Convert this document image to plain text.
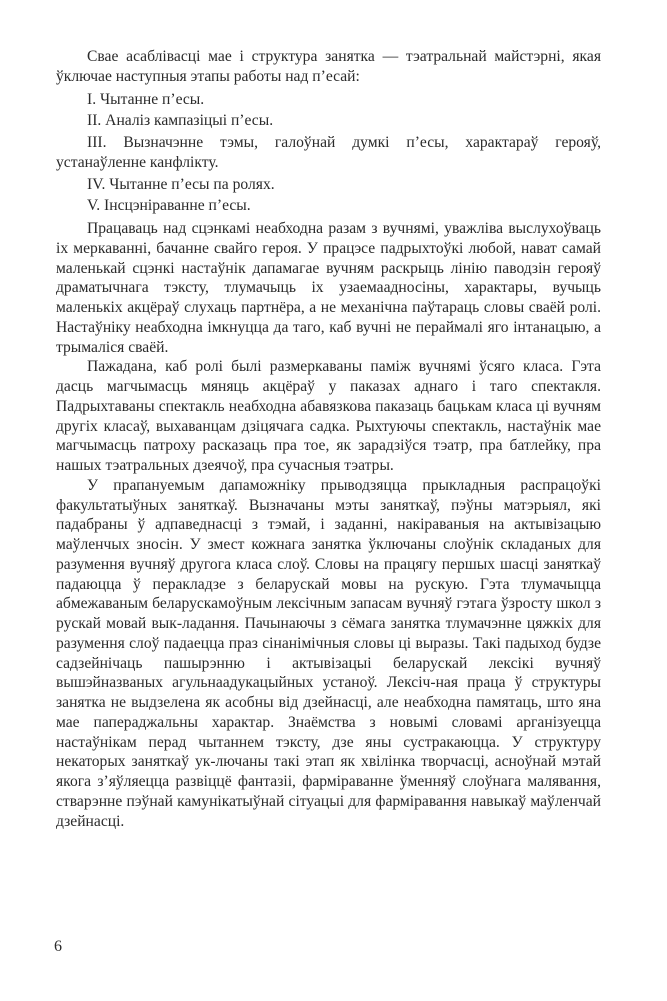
Свае асаблівасці мае і структура занятка — тэатральнай майстэрні, якая ўключае наступныя этапы работы над п’есай:

I. Чытанне п’есы.
II. Аналіз кампазіцыі п’есы.
III. Вызначэнне тэмы, галоўнай думкі п’есы, характараў герояў, устанаўленне канфлікту.
IV. Чытанне п’есы па ролях.
V. Інсцэніраванне п’есы.

Працаваць над сцэнкамі неабходна разам з вучнямі, уважліва выслухоўваць іх меркаванні, бачанне свайго героя. У працэсе падрыхтоўкі любой, нават самай маленькай сцэнкі настаўнік дапамагае вучням раскрыць лінію паводзін герояў драматычнага тэксту, тлумачыць іх узаемаадносіны, характары, вучыць маленькіх акцёраў слухаць партнёра, а не механічна паўтараць словы сваёй ролі. Настаўніку неабходна імкнуцца да таго, каб вучні не пераймалі яго інтанацыю, а трымаліся сваёй.

Пажадана, каб ролі былі размеркаваны паміж вучнямі ўсяго класа. Гэта дасць магчымасць мяняць акцёраў у паказах аднаго і таго спектакля. Падрыхтаваны спектакль неабходна абавязкова паказаць бацькам класа ці вучням другіх класаў, выхаванцам дзіцячага садка. Рыхтуючы спектакль, настаўнік мае магчымасць патроху расказаць пра тое, як зарадзіўся тэатр, пра батлейку, пра нашых тэатральных дзеячоў, пра сучасныя тэатры.

У прапануемым дапаможніку прыводзяцца прыкладныя распрацоўкі факультатыўных заняткаў. Вызначаны мэты заняткаў, пэўны матэрыял, які падабраны ў адпаведнасці з тэмай, і заданні, накіраваныя на актывізацыю маўленчых зносін. У змест кожнага занятка ўключаны слоўнік складаных для разумення вучняў другога класа слоў. Словы на працягу першых шасці заняткаў падаюцца ў перакладзе з беларускай мовы на рускую. Гэта тлумачыцца абмежаваным беларускамоўным лексічным запасам вучняў гэтага ўзросту школ з рускай мовай вык-ладання. Пачынаючы з сёмага занятка тлумачэнне цяжкіх для разумення слоў падаецца праз сінанімічныя словы ці выразы. Такі падыход будзе садзейнічаць пашырэнню і актывізацыі беларускай лексікі вучняў вышэйназваных агульнаадукацыйных устаноў. Лексіч-ная праца ў структуры занятка не выдзелена як асобны від дзейнасці, але неабходна памятаць, што яна мае папераджальны характар. Знаёмства з новымі словамі арганізуецца настаўнікам перад чытаннем тэксту, дзе яны сустракаюцца. У структуру некаторых заняткаў ук-лючаны такі этап як хвілінка творчасці, асноўнай мэтай якога з’яўляецца развіццё фантазіі, фарміраванне ўменняў слоўнага малявання, стварэнне пэўнай камунікатыўнай сітуацыі для фарміравання навыкаў маўленчай дзейнасці.

6
